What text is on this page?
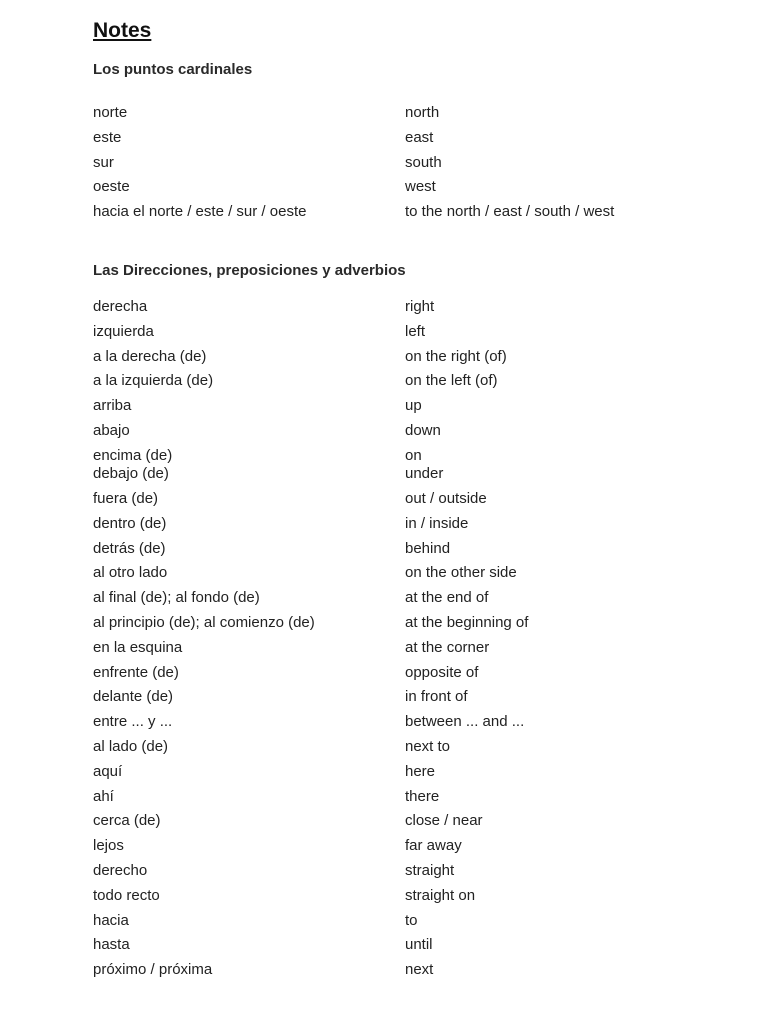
Notes
Los puntos cardinales
norte	north
este	east
sur	south
oeste	west
hacia el norte / este / sur / oeste	to the north / east / south / west
Las Direcciones, preposiciones y adverbios
derecha	right
izquierda	left
a la derecha (de)	on the right (of)
a la izquierda (de)	on the left (of)
arriba	up
abajo	down
encima (de)	on
debajo (de)	under
fuera (de)	out / outside
dentro (de)	in / inside
detrás (de)	behind
al otro lado	on the other side
al final (de); al fondo (de)	at the end of
al principio (de); al comienzo (de)	at the beginning of
en la esquina	at the corner
enfrente (de)	opposite of
delante (de)	in front of
entre ... y ...	between ... and ...
al lado (de)	next to
aquí	here
ahí	there
cerca (de)	close / near
lejos	far away
derecho	straight
todo recto	straight on
hacia	to
hasta	until
próximo / próxima	next
